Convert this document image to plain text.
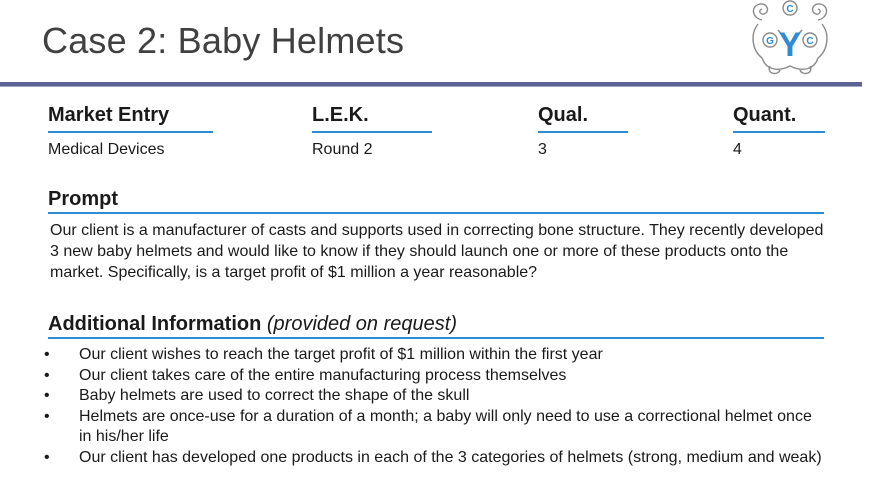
Case 2: Baby Helmets
C
Y
G	C
Market Entry
Medical Devices
L.E.K.
Round 2
Qual.
3
Quant.
4
Prompt
Our client is a manufacturer of casts and supports used in correcting bone structure. They recently developed 3 new baby helmets and would like to know if they should launch one or more of these products onto the market. Specifically, is a target profit of $1 million a year reasonable?
Additional Information (provided on request)
• Our client wishes to reach the target profit of $1 million within the first year
• Our client takes care of the entire manufacturing process themselves
• Baby helmets are used to correct the shape of the skull
• Helmets are once-use for a duration of a month; a baby will only need to use a correctional helmet once in his/her life
• Our client has developed one products in each of the 3 categories of helmets (strong, medium and weak)
